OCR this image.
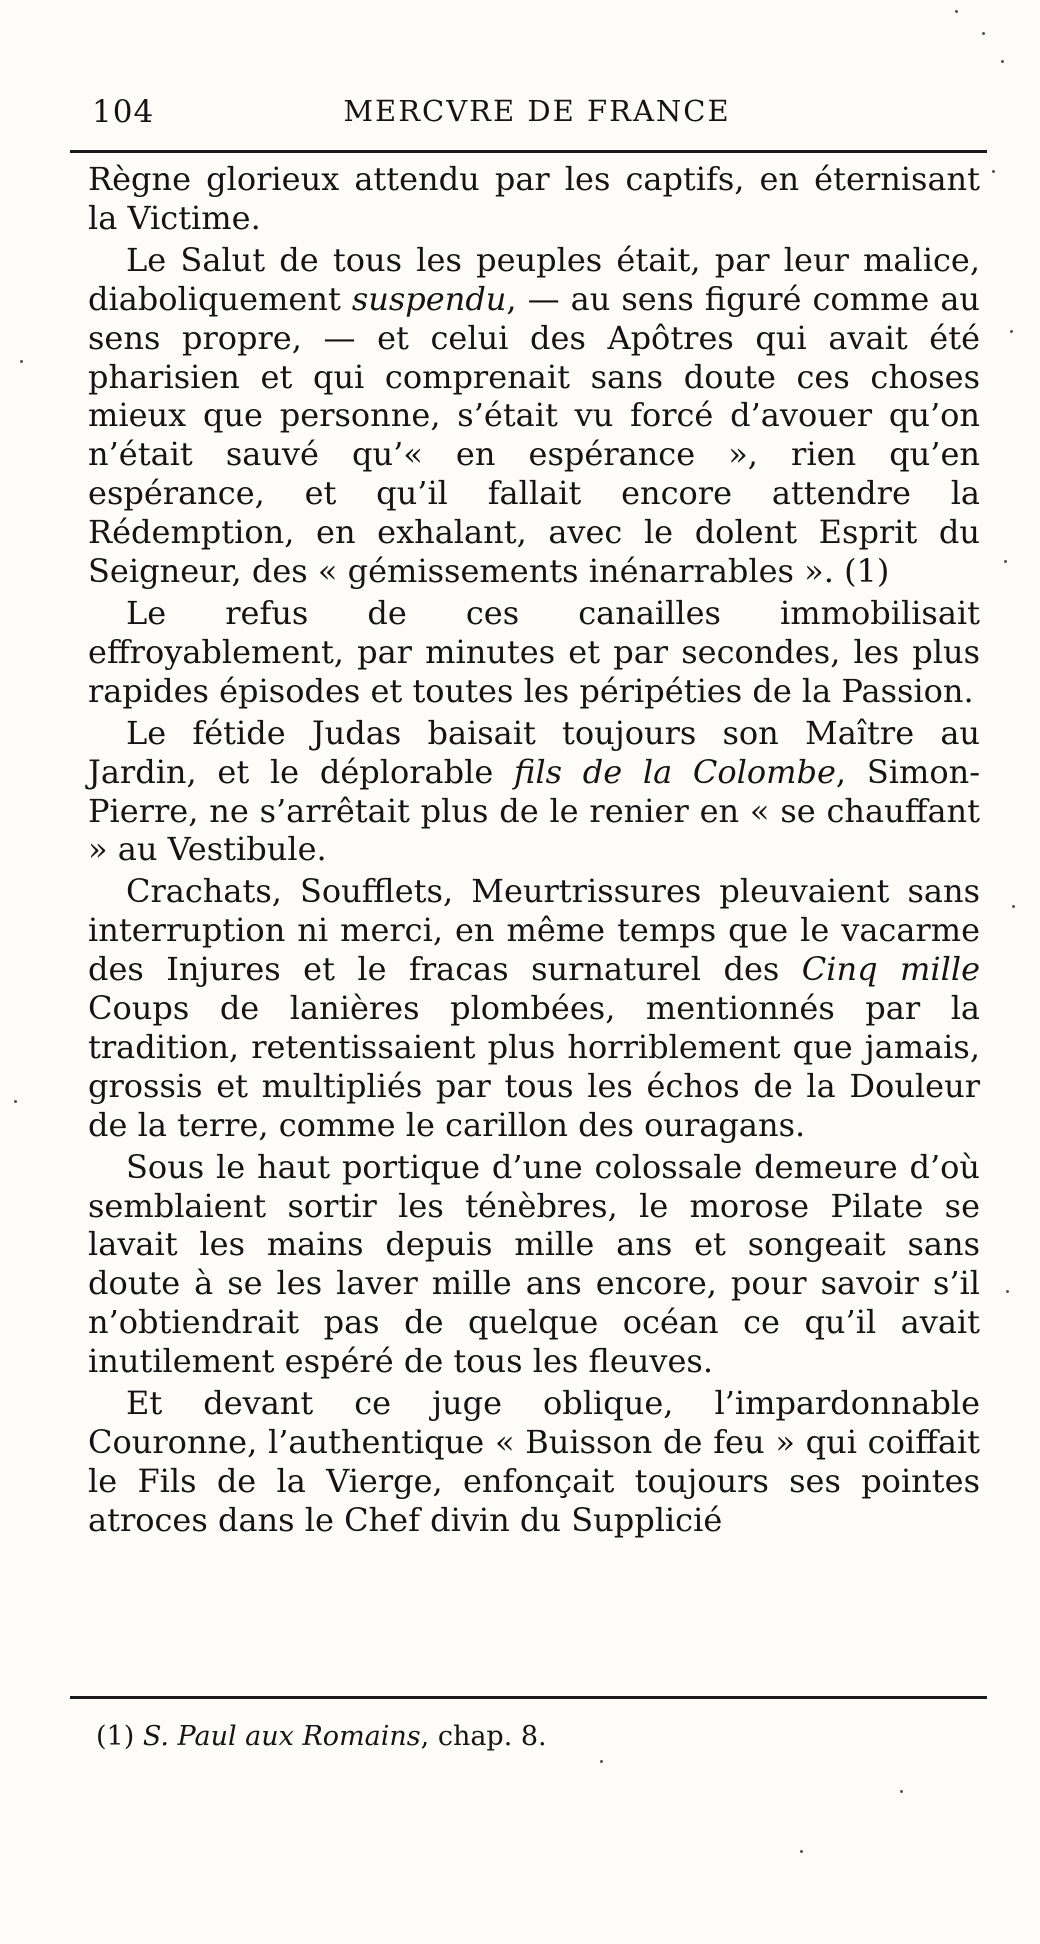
104	MERCVRE DE FRANCE

Règne glorieux attendu par les captifs, en éternisant la Victime.

Le Salut de tous les peuples était, par leur malice, diaboliquement suspendu, — au sens figuré comme au sens propre, — et celui des Apôtres qui avait été pharisien et qui comprenait sans doute ces choses mieux que personne, s’était vu forcé d’avouer qu’on n’était sauvé qu’« en espérance », rien qu’en espérance, et qu’il fallait encore attendre la Rédemption, en exhalant, avec le dolent Esprit du Seigneur, des « gémissements inénarrables ». (1)

Le refus de ces canailles immobilisait effroyablement, par minutes et par secondes, les plus rapides épisodes et toutes les péripéties de la Passion.

Le fétide Judas baisait toujours son Maître au Jardin, et le déplorable fils de la Colombe, Simon-Pierre, ne s’arrêtait plus de le renier en « se chauffant » au Vestibule.

Crachats, Soufflets, Meurtrissures pleuvaient sans interruption ni merci, en même temps que le vacarme des Injures et le fracas surnaturel des Cinq mille Coups de lanières plombées, mentionnés par la tradition, retentissaient plus horriblement que jamais, grossis et multipliés par tous les échos de la Douleur de la terre, comme le carillon des ouragans.

Sous le haut portique d’une colossale demeure d’où semblaient sortir les ténèbres, le morose Pilate se lavait les mains depuis mille ans et songeait sans doute à se les laver mille ans encore, pour savoir s’il n’obtiendrait pas de quelque océan ce qu’il avait inutilement espéré de tous les fleuves.

Et devant ce juge oblique, l’impardonnable Couronne, l’authentique « Buisson de feu » qui coiffait le Fils de la Vierge, enfonçait toujours ses pointes atroces dans le Chef divin du Supplicié

(1) S. Paul aux Romains, chap. 8.
